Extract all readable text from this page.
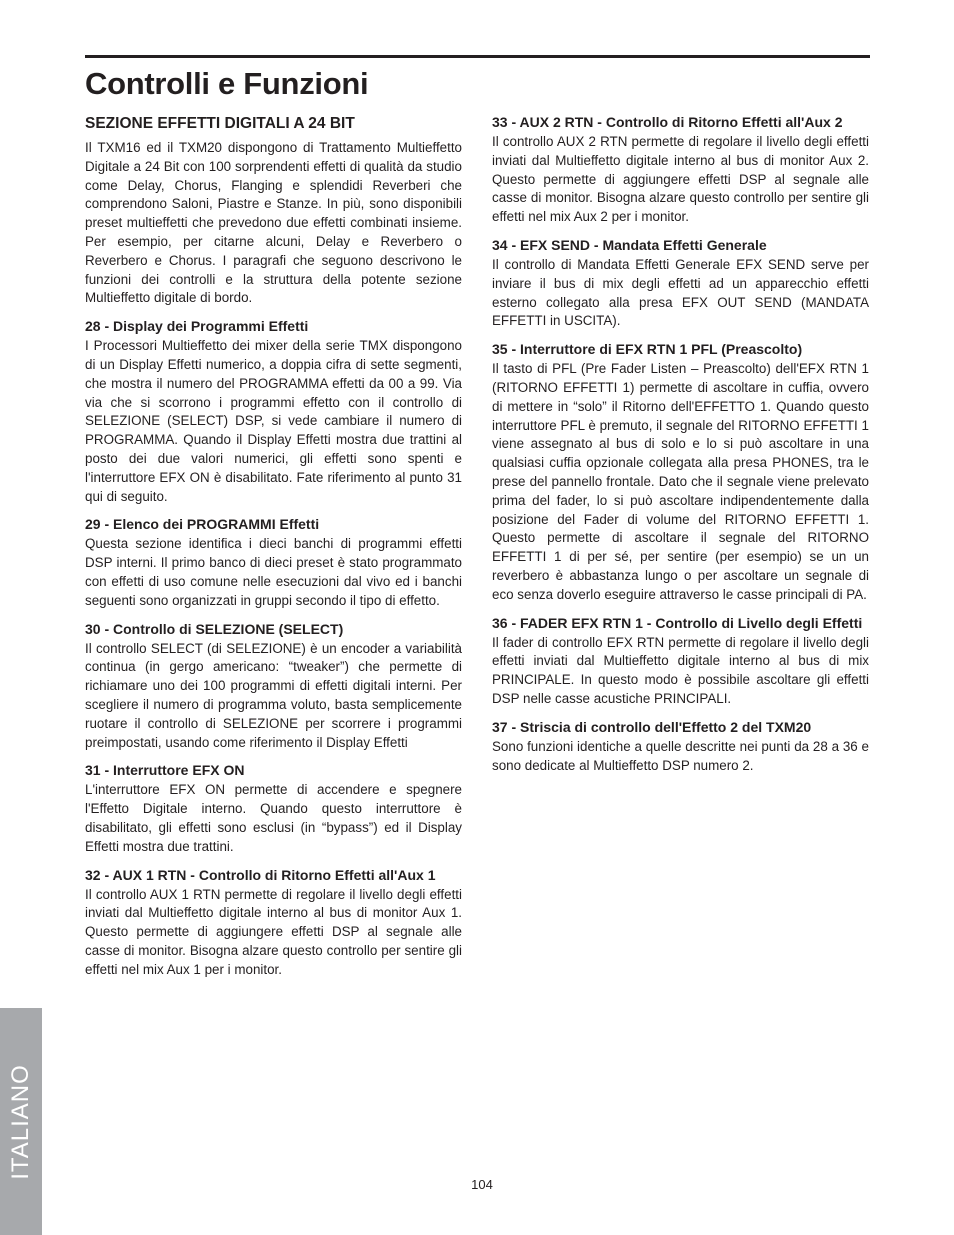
Controlli e Funzioni
SEZIONE EFFETTI DIGITALI A 24 BIT

Il TXM16 ed il TXM20 dispongono di Trattamento Multieffetto Digitale a 24 Bit con 100 sorprendenti effetti di qualità da studio come Delay, Chorus, Flanging e splendidi Reverberi che comprendono Saloni, Piastre e Stanze. In più, sono disponibili preset multieffetti che prevedono due effetti combinati insieme. Per esempio, per citarne alcuni, Delay e Reverbero o Reverbero e Chorus. I paragrafi che seguono descrivono le funzioni dei controlli e la struttura della potente sezione Multieffetto digitale di bordo.

28 - Display dei Programmi Effetti

I Processori Multieffetto dei mixer della serie TMX dispongono di un Display Effetti numerico, a doppia cifra di sette segmenti, che mostra il numero del PROGRAMMA effetti da 00 a 99. Via via che si scorrono i programmi effetto con il controllo di SELEZIONE (SELECT) DSP, si vede cambiare il numero di PROGRAMMA. Quando il Display Effetti mostra due trattini al posto dei due valori numerici, gli effetti sono spenti e l'interruttore EFX ON è disabilitato. Fate riferimento al punto 31 qui di seguito.

29 - Elenco dei PROGRAMMI Effetti

Questa sezione identifica i dieci banchi di programmi effetti DSP interni. Il primo banco di dieci preset è stato programmato con effetti di uso comune nelle esecuzioni dal vivo ed i banchi seguenti sono organizzati in gruppi secondo il tipo di effetto.

30 - Controllo di SELEZIONE (SELECT)

Il controllo SELECT (di SELEZIONE) è un encoder a variabilità continua (in gergo americano: “tweaker”) che permette di richiamare uno dei 100 programmi di effetti digitali interni. Per scegliere il numero di programma voluto, basta semplicemente ruotare il controllo di SELEZIONE per scorrere i programmi preimpostati, usando come riferimento il Display Effetti

31 - Interruttore EFX ON

L'interruttore EFX ON permette di accendere e spegnere l'Effetto Digitale interno. Quando questo interruttore è disabilitato, gli effetti sono esclusi (in “bypass”) ed il Display Effetti mostra due trattini.

32 - AUX 1 RTN - Controllo di Ritorno Effetti all'Aux 1

Il controllo AUX 1 RTN permette di regolare il livello degli effetti inviati dal Multieffetto digitale interno al bus di monitor Aux 1. Questo permette di aggiungere effetti DSP al segnale alle casse di monitor. Bisogna alzare questo controllo per sentire gli effetti nel mix Aux 1 per i monitor.

33 - AUX 2 RTN - Controllo di Ritorno Effetti all'Aux 2

Il controllo AUX 2 RTN permette di regolare il livello degli effetti inviati dal Multieffetto digitale interno al bus di monitor Aux 2. Questo permette di aggiungere effetti DSP al segnale alle casse di monitor. Bisogna alzare questo controllo per sentire gli effetti nel mix Aux 2 per i monitor.

34 - EFX SEND - Mandata Effetti Generale

Il controllo di Mandata Effetti Generale EFX SEND serve per inviare il bus di mix degli effetti ad un apparecchio effetti esterno collegato alla presa EFX OUT SEND (MANDATA EFFETTI in USCITA).

35 - Interruttore di EFX RTN 1 PFL (Preascolto)

Il tasto di PFL (Pre Fader Listen – Preascolto) dell'EFX RTN 1 (RITORNO EFFETTI 1) permette di ascoltare in cuffia, ovvero di mettere in “solo” il Ritorno dell'EFFETTO 1. Quando questo interruttore PFL è premuto, il segnale del RITORNO EFFETTI 1 viene assegnato al bus di solo e lo si può ascoltare in una qualsiasi cuffia opzionale collegata alla presa PHONES, tra le prese del pannello frontale. Dato che il segnale viene prelevato prima del fader, lo si può ascoltare indipendentemente dalla posizione del Fader di volume del RITORNO EFFETTI 1. Questo permette di ascoltare il segnale del RITORNO EFFETTI 1 di per sé, per sentire (per esempio) se un un reverbero è abbastanza lungo o per ascoltare un segnale di eco senza doverlo eseguire attraverso le casse principali di PA.

36 - FADER EFX RTN 1 - Controllo di Livello degli Effetti

Il fader di controllo EFX RTN permette di regolare il livello degli effetti inviati dal Multieffetto digitale interno al bus di mix PRINCIPALE. In questo modo è possibile ascoltare gli effetti DSP nelle casse acustiche PRINCIPALI.

37 - Striscia di controllo dell'Effetto 2 del TXM20

Sono funzioni identiche a quelle descritte nei punti da 28 a 36 e sono dedicate al Multieffetto DSP numero 2.

ITALIANO
104
